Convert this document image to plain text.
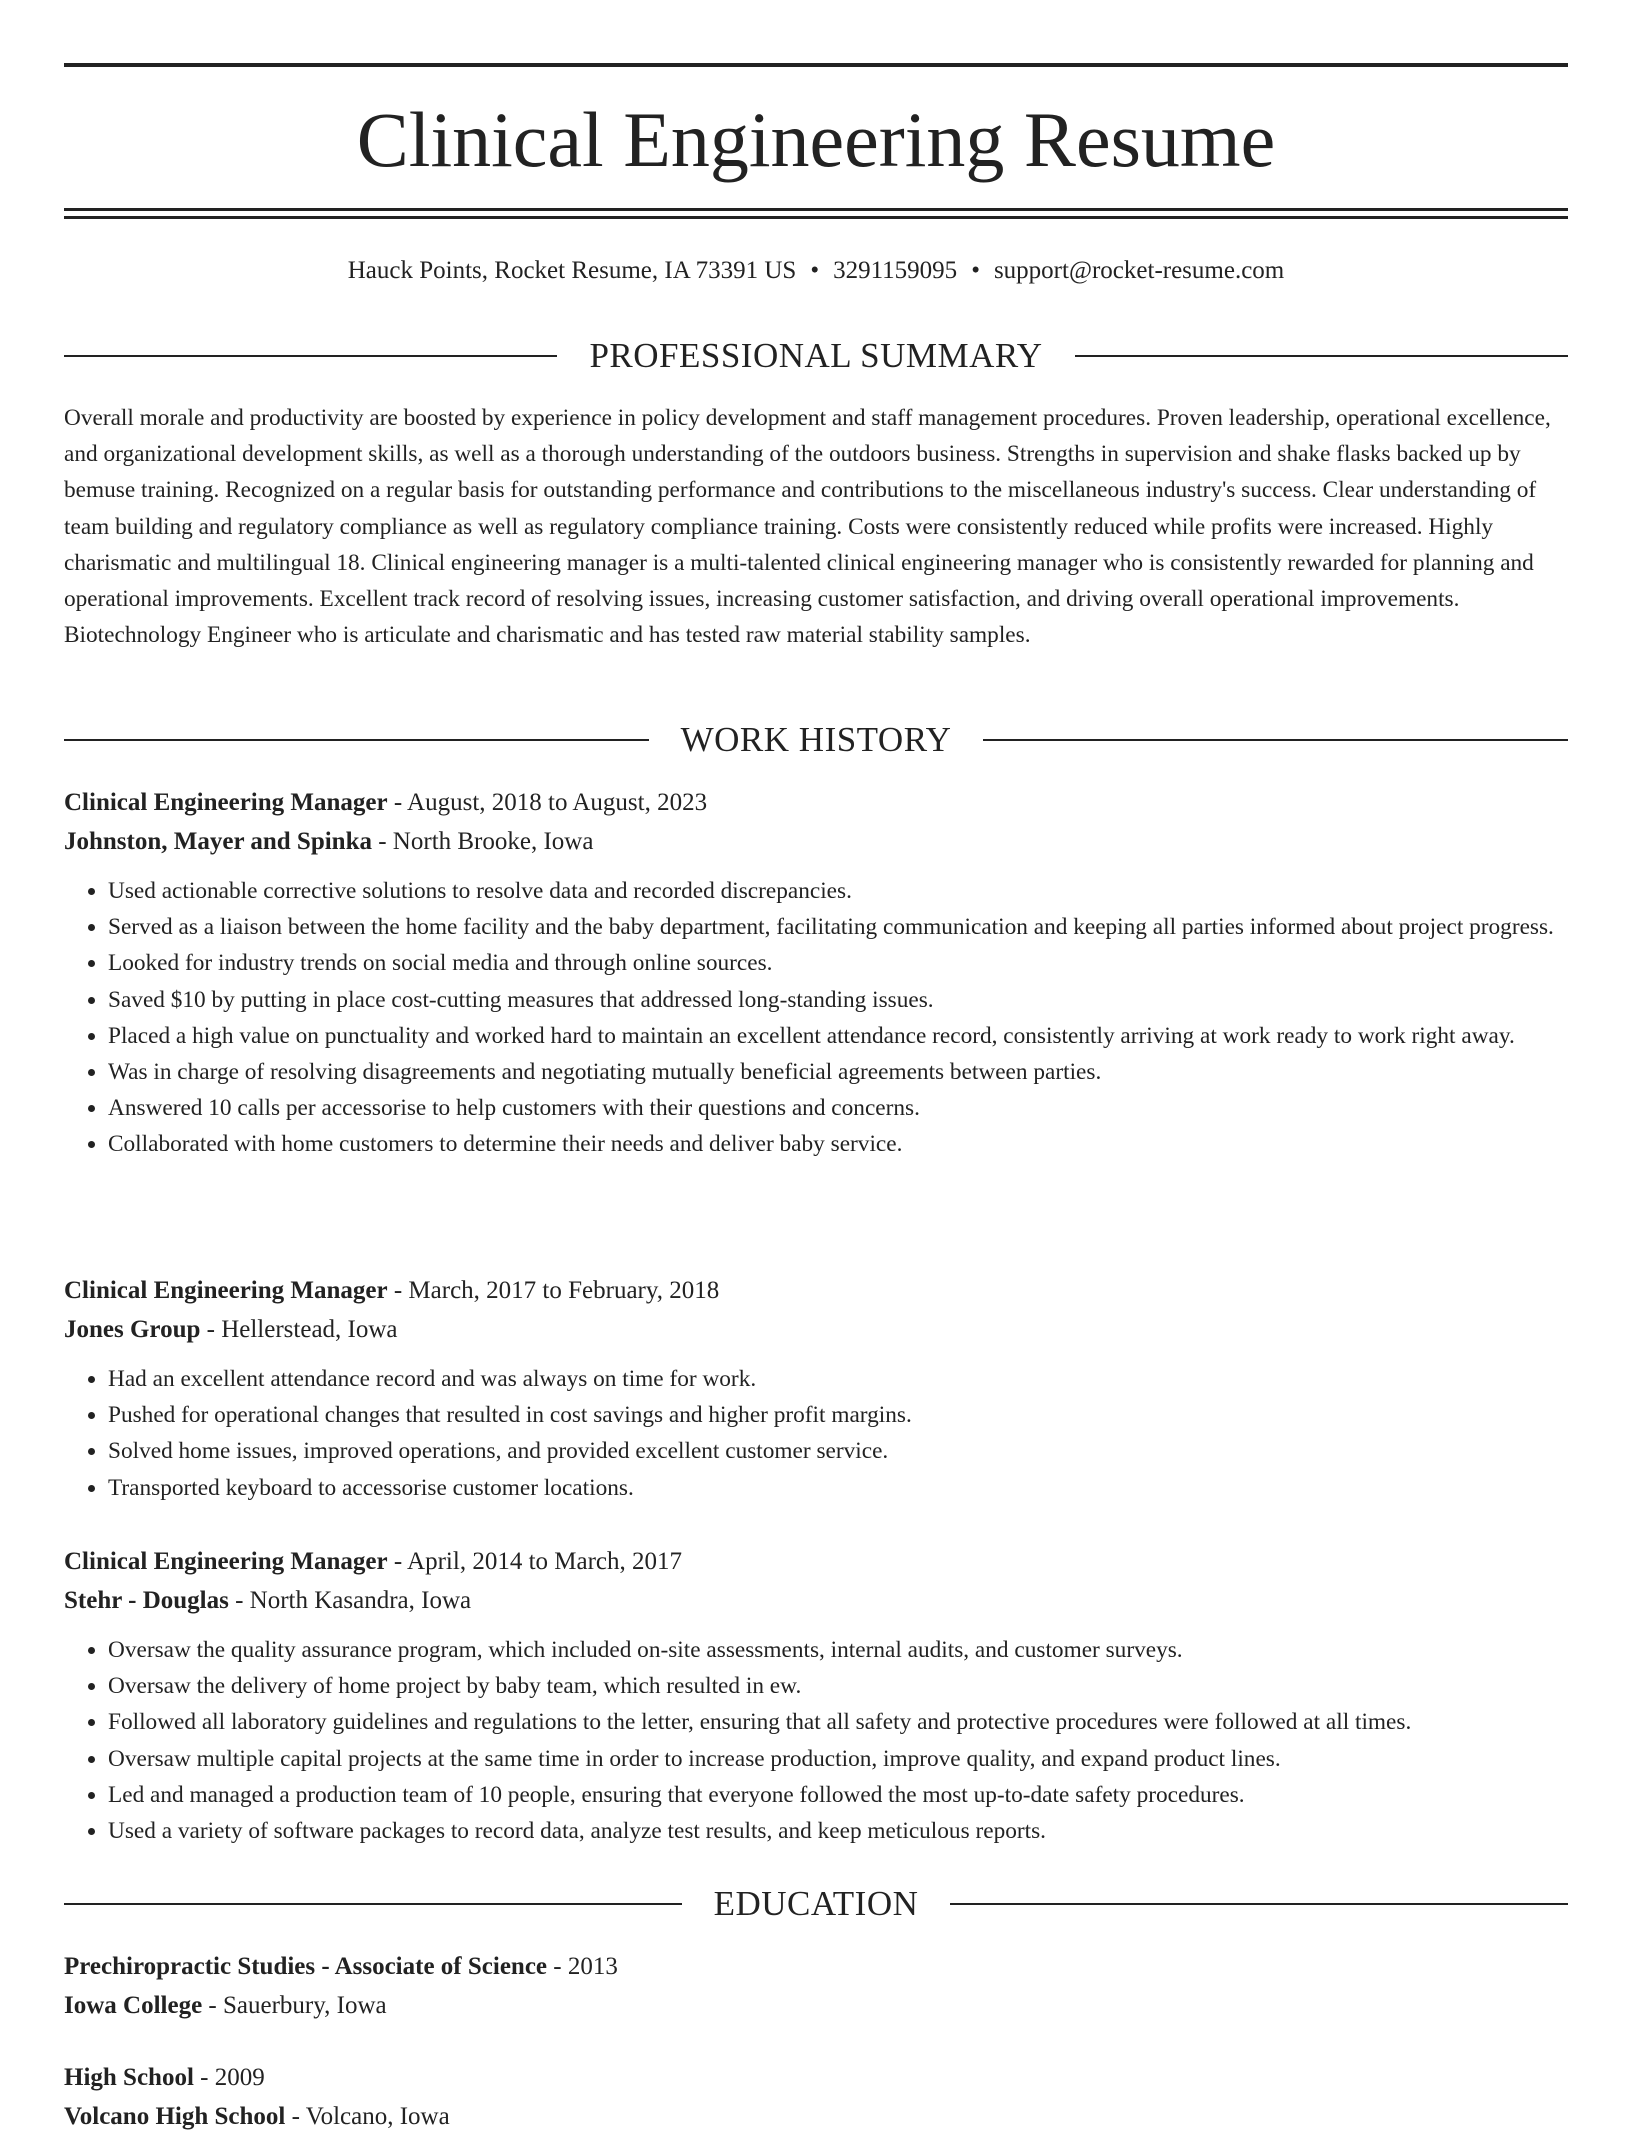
Clinical Engineering Resume
Hauck Points, Rocket Resume, IA 73391 US • 3291159095 • support@rocket-resume.com
PROFESSIONAL SUMMARY

Overall morale and productivity are boosted by experience in policy development and staff management procedures. Proven leadership, operational excellence, and organizational development skills, as well as a thorough understanding of the outdoors business. Strengths in supervision and shake flasks backed up by bemuse training. Recognized on a regular basis for outstanding performance and contributions to the miscellaneous industry's success. Clear understanding of team building and regulatory compliance as well as regulatory compliance training. Costs were consistently reduced while profits were increased. Highly charismatic and multilingual 18. Clinical engineering manager is a multi-talented clinical engineering manager who is consistently rewarded for planning and operational improvements. Excellent track record of resolving issues, increasing customer satisfaction, and driving overall operational improvements. Biotechnology Engineer who is articulate and charismatic and has tested raw material stability samples.

WORK HISTORY
Clinical Engineering Manager - August, 2018 to August, 2023
Johnston, Mayer and Spinka - North Brooke, Iowa
• Used actionable corrective solutions to resolve data and recorded discrepancies.
• Served as a liaison between the home facility and the baby department, facilitating communication and keeping all parties informed about project progress.
• Looked for industry trends on social media and through online sources.
• Saved $10 by putting in place cost-cutting measures that addressed long-standing issues.
• Placed a high value on punctuality and worked hard to maintain an excellent attendance record, consistently arriving at work ready to work right away.
• Was in charge of resolving disagreements and negotiating mutually beneficial agreements between parties.
• Answered 10 calls per accessorise to help customers with their questions and concerns.
• Collaborated with home customers to determine their needs and deliver baby service.
Clinical Engineering Manager - March, 2017 to February, 2018
Jones Group - Hellerstead, Iowa
• Had an excellent attendance record and was always on time for work.
• Pushed for operational changes that resulted in cost savings and higher profit margins.
• Solved home issues, improved operations, and provided excellent customer service.
• Transported keyboard to accessorise customer locations.
Clinical Engineering Manager - April, 2014 to March, 2017
Stehr - Douglas - North Kasandra, Iowa
• Oversaw the quality assurance program, which included on-site assessments, internal audits, and customer surveys.
• Oversaw the delivery of home project by baby team, which resulted in ew.
• Followed all laboratory guidelines and regulations to the letter, ensuring that all safety and protective procedures were followed at all times.
• Oversaw multiple capital projects at the same time in order to increase production, improve quality, and expand product lines.
• Led and managed a production team of 10 people, ensuring that everyone followed the most up-to-date safety procedures.
• Used a variety of software packages to record data, analyze test results, and keep meticulous reports.
EDUCATION
Prechiropractic Studies - Associate of Science - 2013
Iowa College - Sauerbury, Iowa
High School - 2009
Volcano High School - Volcano, Iowa
